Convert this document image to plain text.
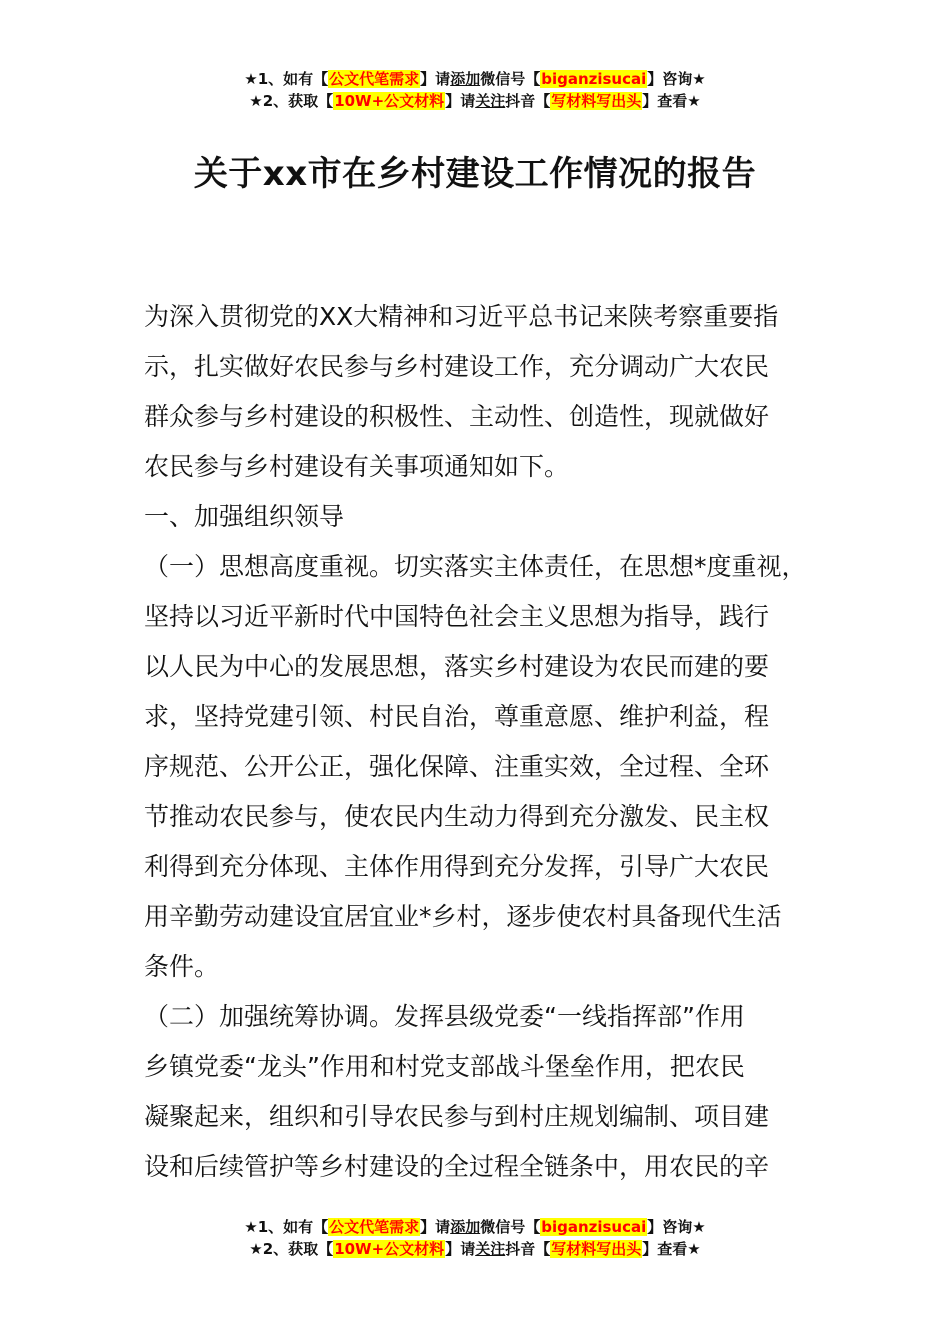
★1、如有【公文代笔需求】请添加微信号【biganzisucai】咨询★
★2、获取【10W+公文材料】请关注抖音【写材料写出头】查看★
关于xx市在乡村建设工作情况的报告
为深入贯彻党的XX大精神和习近平总书记来陕考察重要指
示，扎实做好农民参与乡村建设工作，充分调动广大农民
群众参与乡村建设的积极性、主动性、创造性，现就做好
农民参与乡村建设有关事项通知如下。
一、加强组织领导
（一）思想高度重视。切实落实主体责任，在思想*度重视，
坚持以习近平新时代中国特色社会主义思想为指导，践行
以人民为中心的发展思想，落实乡村建设为农民而建的要
求，坚持党建引领、村民自治，尊重意愿、维护利益，程
序规范、公开公正，强化保障、注重实效，全过程、全环
节推动农民参与，使农民内生动力得到充分激发、民主权
利得到充分体现、主体作用得到充分发挥，引导广大农民
用辛勤劳动建设宜居宜业*乡村，逐步使农村具备现代生活
条件。
（二）加强统筹协调。发挥县级党委“一线指挥部”作用
乡镇党委“龙头”作用和村党支部战斗堡垒作用，把农民
凝聚起来，组织和引导农民参与到村庄规划编制、项目建
设和后续管护等乡村建设的全过程全链条中，用农民的辛
★1、如有【公文代笔需求】请添加微信号【biganzisucai】咨询★
★2、获取【10W+公文材料】请关注抖音【写材料写出头】查看★
